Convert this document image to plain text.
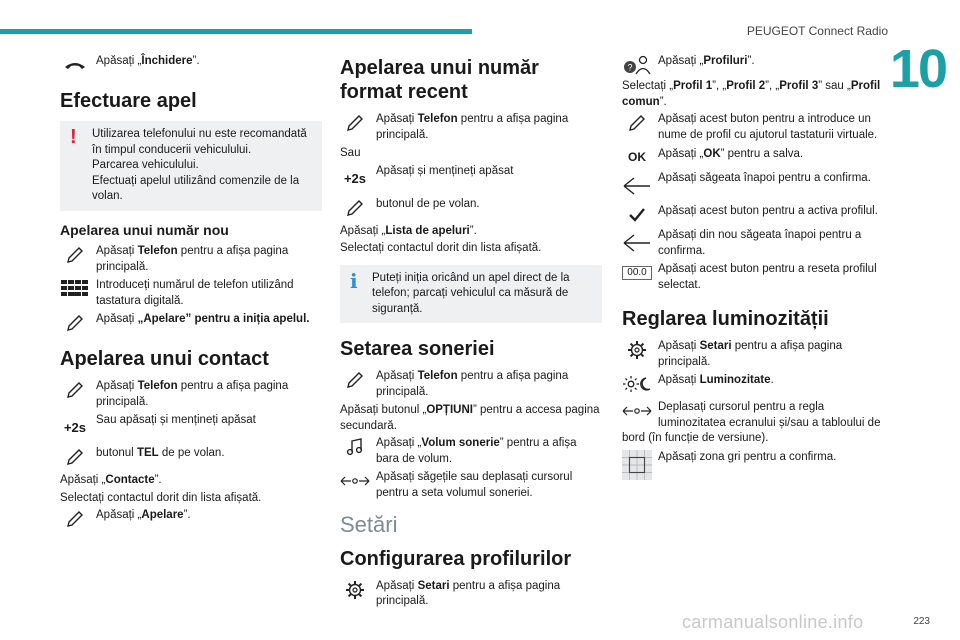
PEUGEOT Connect Radio
10
Apăsați „Închidere”.
Efectuare apel
!	Utilizarea telefonului nu este recomandată în timpul conducerii vehiculului.
Parcarea vehiculului.
Efectuați apelul utilizând comenzile de la volan.
Apelarea unui număr nou
Apăsați Telefon pentru a afișa pagina principală.
Introduceți numărul de telefon utilizând tastatura digitală.
Apăsați „Apelare” pentru a iniția apelul.
Apelarea unui contact
Apăsați Telefon pentru a afișa pagina principală.
+2s
Sau apăsați și mențineți apăsat
butonul TEL de pe volan.
Apăsați „Contacte”.
Selectați contactul dorit din lista afișată.
Apăsați „Apelare”.
Apelarea unui număr format recent
Apăsați Telefon pentru a afișa pagina principală.
Sau
+2s
Apăsați și mențineți apăsat
butonul de pe volan.
Apăsați „Lista de apeluri”.
Selectați contactul dorit din lista afișată.
i	Puteți iniția oricând un apel direct de la telefon; parcați vehiculul ca măsură de siguranță.
Setarea soneriei
Apăsați Telefon pentru a afișa pagina principală.
Apăsați butonul „OPȚIUNI” pentru a accesa pagina secundară.
Apăsați „Volum sonerie” pentru a afișa bara de volum.
Apăsați săgețile sau deplasați cursorul pentru a seta volumul soneriei.
Setări
Configurarea profilurilor
Apăsați Setari pentru a afișa pagina principală.
?
Apăsați „Profiluri”.
Selectați „Profil 1”, „Profil 2”, „Profil 3” sau „Profil comun”.
Apăsați acest buton pentru a introduce un nume de profil cu ajutorul tastaturii virtuale.
OK	Apăsați „OK” pentru a salva.
Apăsați săgeata înapoi pentru a confirma.
Apăsați acest buton pentru a activa profilul.
Apăsați din nou săgeata înapoi pentru a confirma.
00.0 Apăsați acest buton pentru a reseta profilul selectat.
Reglarea luminozității
Apăsați Setari pentru a afișa pagina principală.
Apăsați Luminozitate.
Deplasați cursorul pentru a regla luminozitatea ecranului și/sau a tabloului de bord (în funcție de versiune).
Apăsați zona gri pentru a confirma.
223
carmanualsonline.info
